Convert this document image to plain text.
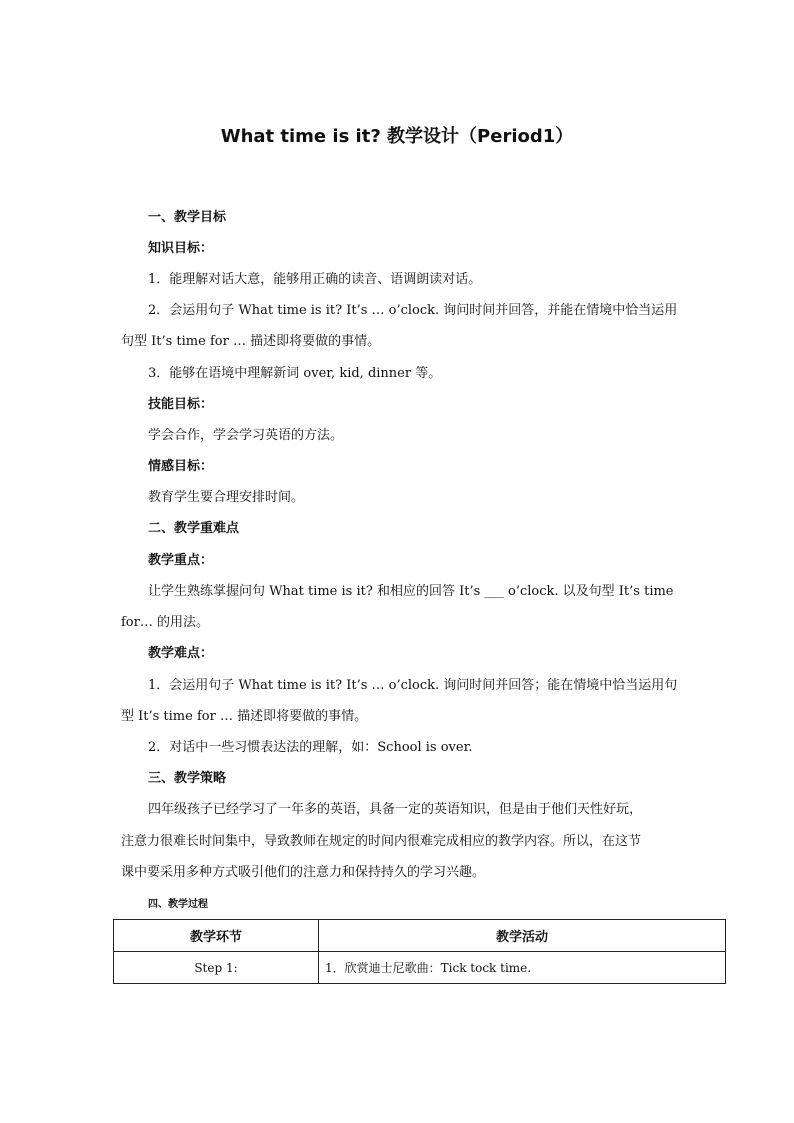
What time is it? 教学设计（Period1）
一、教学目标
知识目标：
1．能理解对话大意，能够用正确的读音、语调朗读对话。
2．会运用句子 What time is it? It’s … o’clock. 询问时间并回答，并能在情境中恰当运用
句型 It’s time for … 描述即将要做的事情。
3．能够在语境中理解新词 over, kid, dinner 等。
技能目标：
学会合作，学会学习英语的方法。
情感目标：
教育学生要合理安排时间。
二、教学重难点
教学重点：
让学生熟练掌握问句 What time is it? 和相应的回答 It’s ___ o’clock. 以及句型 It’s time
for… 的用法。
教学难点：
1．会运用句子 What time is it? It’s … o’clock. 询问时间并回答；能在情境中恰当运用句
型 It’s time for … 描述即将要做的事情。
2．对话中一些习惯表达法的理解，如：School is over.
三、教学策略
四年级孩子已经学习了一年多的英语，具备一定的英语知识，但是由于他们天性好玩，
注意力很难长时间集中，导致教师在规定的时间内很难完成相应的教学内容。所以，在这节
课中要采用多种方式吸引他们的注意力和保持持久的学习兴趣。
四、教学过程
教学环节	教学活动
Step 1:	1．欣赏迪士尼歌曲：Tick tock time.
